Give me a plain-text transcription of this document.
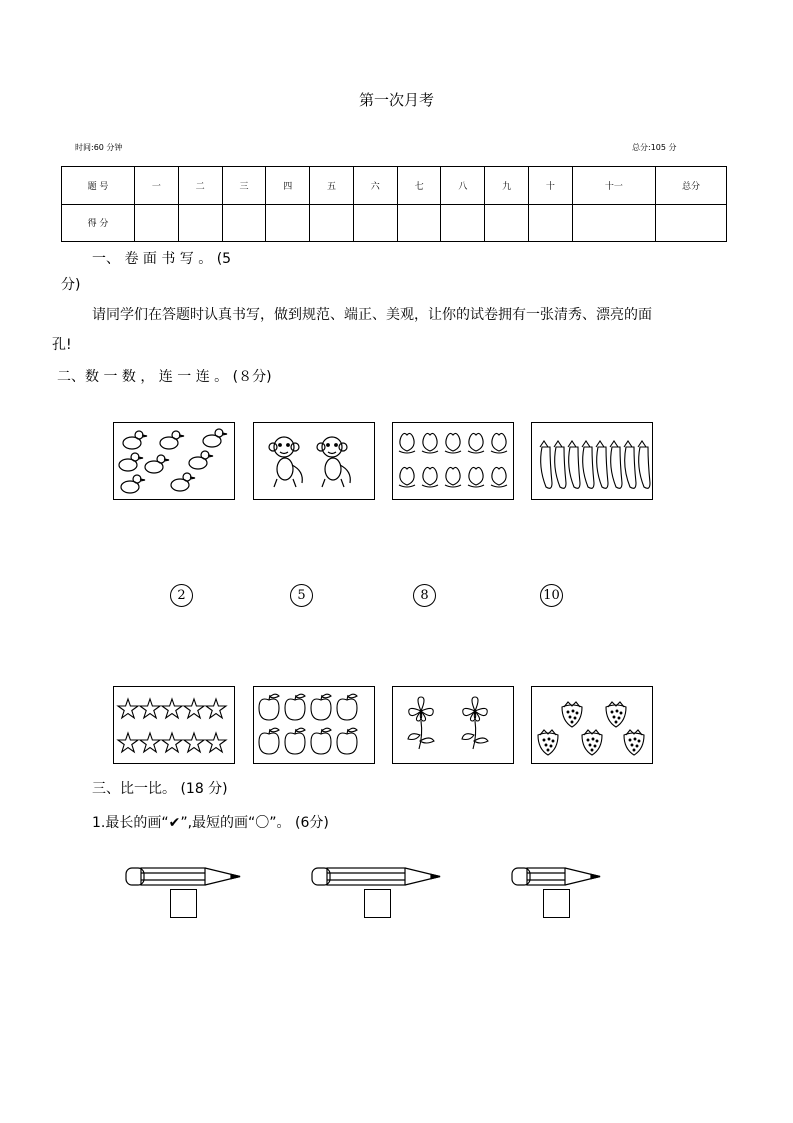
第一次月考
时间:60 分钟	总分:105 分
题 号	一	二	三	四	五	六	七	八	九	十	十一	总分
得 分												
一、 卷 面 书 写 。 (5
分)
请同学们在答题时认真书写，做到规范、端正、美观，让你的试卷拥有一张清秀、漂亮的面
孔!
二、数 一 数 ， 连 一 连 。 (８分)
2	5	8	10
三、比一比。 (18 分)
1.最长的画“✔”,最短的画“〇”。 (6分)
